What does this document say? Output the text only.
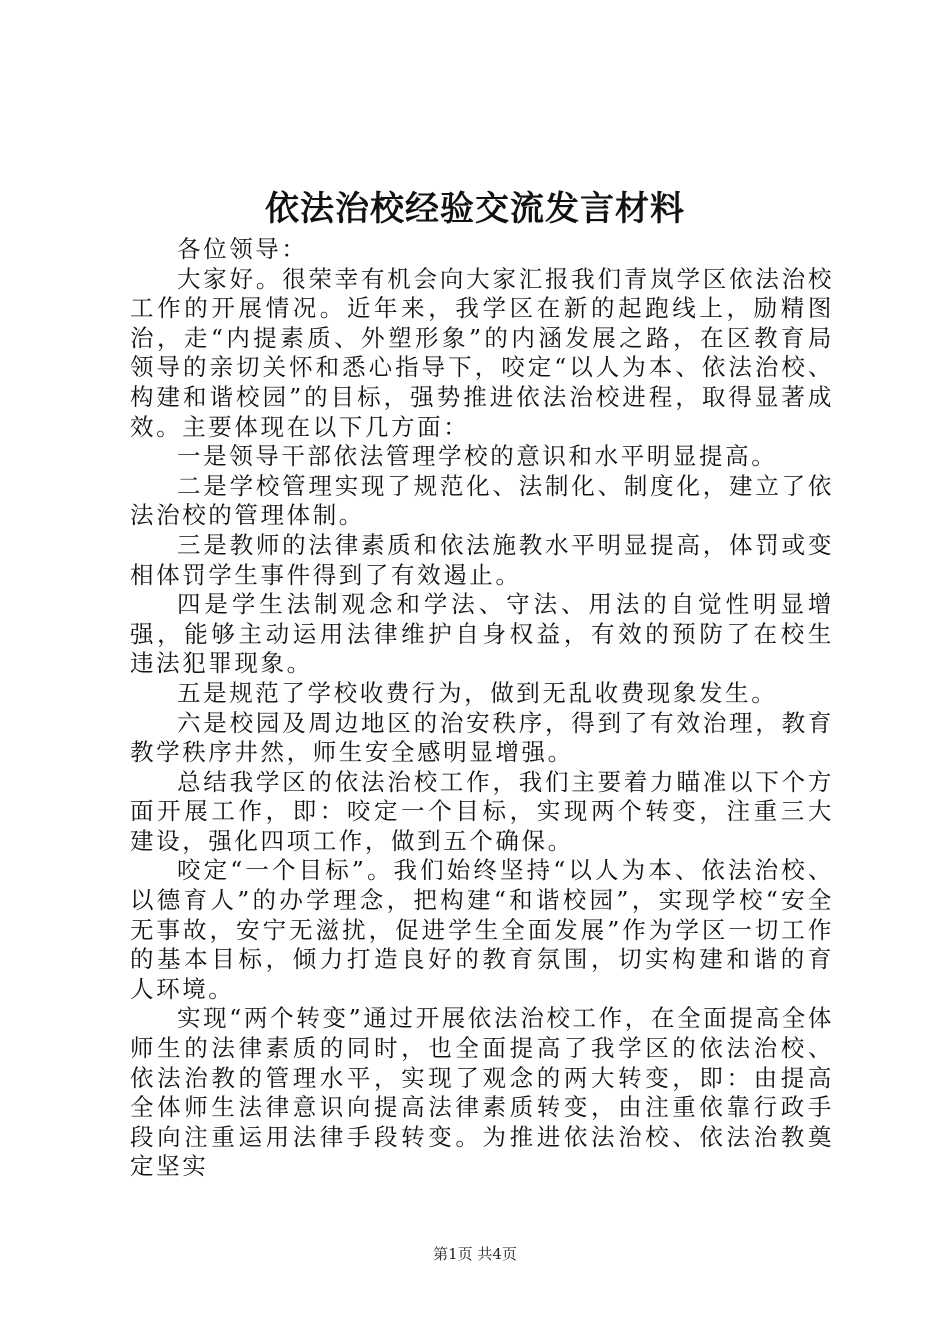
依法治校经验交流发言材料

各位领导：

大家好。很荣幸有机会向大家汇报我们青岚学区依法治校工作的开展情况。近年来，我学区在新的起跑线上，励精图治，走“内提素质、外塑形象”的内涵发展之路，在区教育局领导的亲切关怀和悉心指导下，咬定“以人为本、依法治校、构建和谐校园”的目标，强势推进依法治校进程，取得显著成效。主要体现在以下几方面：

一是领导干部依法管理学校的意识和水平明显提高。

二是学校管理实现了规范化、法制化、制度化，建立了依法治校的管理体制。

三是教师的法律素质和依法施教水平明显提高，体罚或变相体罚学生事件得到了有效遏止。

四是学生法制观念和学法、守法、用法的自觉性明显增强，能够主动运用法律维护自身权益，有效的预防了在校生违法犯罪现象。

五是规范了学校收费行为，做到无乱收费现象发生。

六是校园及周边地区的治安秩序，得到了有效治理，教育教学秩序井然，师生安全感明显增强。

总结我学区的依法治校工作，我们主要着力瞄准以下个方面开展工作，即：咬定一个目标，实现两个转变，注重三大建设，强化四项工作，做到五个确保。

咬定“一个目标”。我们始终坚持“以人为本、依法治校、以德育人”的办学理念，把构建“和谐校园”，实现学校“安全无事故，安宁无滋扰，促进学生全面发展”作为学区一切工作的基本目标，倾力打造良好的教育氛围，切实构建和谐的育人环境。

实现“两个转变”通过开展依法治校工作，在全面提高全体师生的法律素质的同时，也全面提高了我学区的依法治校、依法治教的管理水平，实现了观念的两大转变，即：由提高全体师生法律意识向提高法律素质转变，由注重依靠行政手段向注重运用法律手段转变。为推进依法治校、依法治教奠定坚实

第1页 共4页
